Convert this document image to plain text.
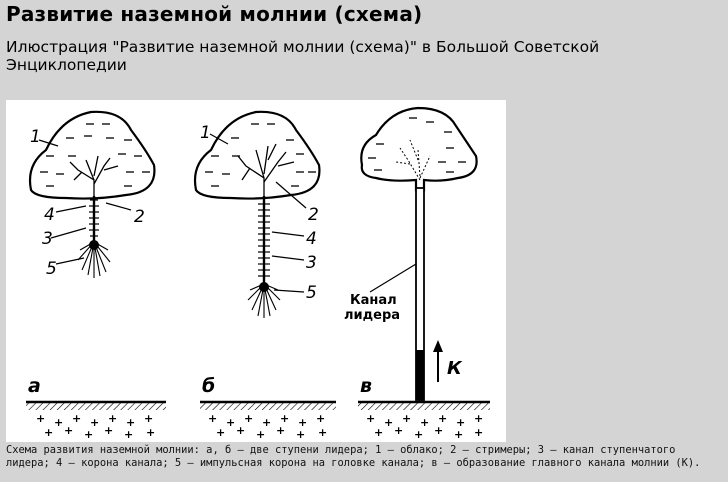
Развитие наземной молнии (схема)
Илюстрация "Развитие наземной молнии (схема)" в Большой Советской Энциклопедии
1
2
4
3
5
а
+ + + + + + +
+ + + + + +
1
2
4
3
5
б
+ + + + + + +
+ + + + + +
К
Канал
лидера
в
+ + + + + + +
+ + + + + +
Схема развития наземной молнии: а, б — две ступени лидера; 1 — облако; 2 — стримеры; 3 — канал ступенчатого лидера; 4 — корона канала; 5 — импульсная корона на головке канала; в — образование главного канала молнии (К).
